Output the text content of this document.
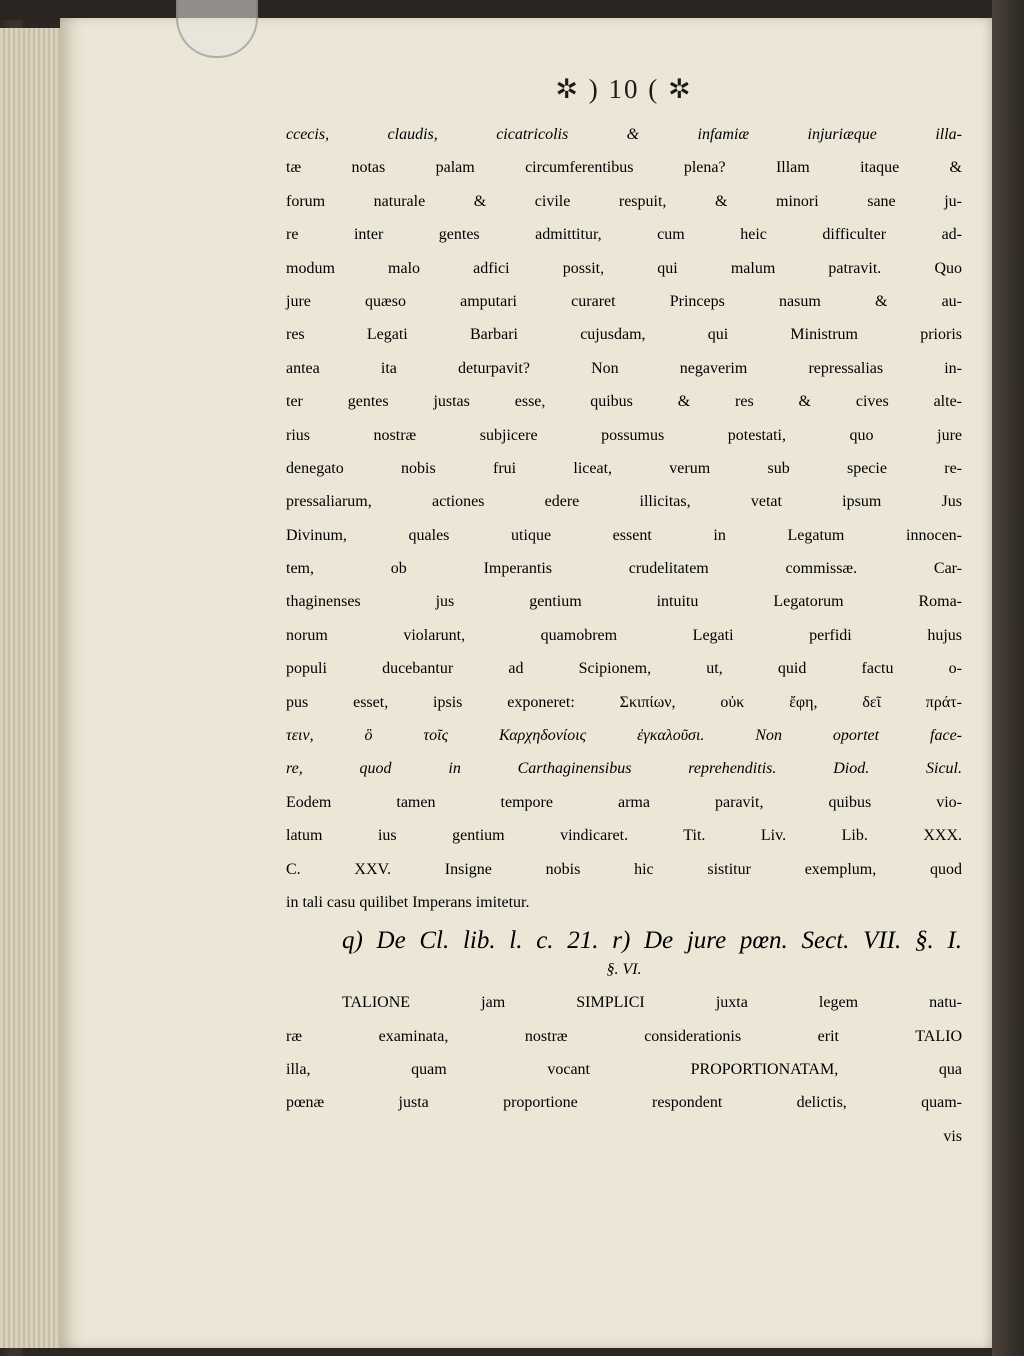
✲ ) 10 ( ✲
ccecis, claudis, cicatricolis & infamiæ injuriæque illa-
tæ notas palam circumferentibus plena? Illam itaque &
forum naturale & civile respuit, & minori sane ju-
re inter gentes admittitur, cum heic difficulter ad-
modum malo adfici possit, qui malum patravit. Quo
jure quæso amputari curaret Princeps nasum & au-
res Legati Barbari cujusdam, qui Ministrum prioris
antea ita deturpavit? Non negaverim repressalias in-
ter gentes justas esse, quibus & res & cives alte-
rius nostræ subjicere possumus potestati, quo jure
denegato nobis frui liceat, verum sub specie re-
pressaliarum, actiones edere illicitas, vetat ipsum Jus
Divinum, quales utique essent in Legatum innocen-
tem, ob Imperantis crudelitatem commissæ. Car-
thaginenses jus gentium intuitu Legatorum Roma-
norum violarunt, quamobrem Legati perfidi hujus
populi ducebantur ad Scipionem, ut, quid factu o-
pus esset, ipsis exponeret: Σκιπίων, οὐκ ἔφη, δεῖ πράτ-
τειν, ὃ τοῖς Καρχηδονίοις ἐγκαλοῦσι. Non oportet face-
re, quod in Carthaginensibus reprehenditis. Diod. Sicul.
Eodem tamen tempore arma paravit, quibus vio-
latum ius gentium vindicaret. Tit. Liv. Lib. XXX.
C. XXV. Insigne nobis hic sistitur exemplum, quod
in tali casu quilibet Imperans imitetur.
q) De Cl. lib. l. c. 21. r) De jure pœn. Sect. VII. §. I.
§. VI.
TALIONE jam SIMPLICI juxta legem natu-
ræ examinata, nostræ considerationis erit TALIO
illa, quam vocant PROPORTIONATAM, qua
pœnæ justa proportione respondent delictis, quam-
vis
